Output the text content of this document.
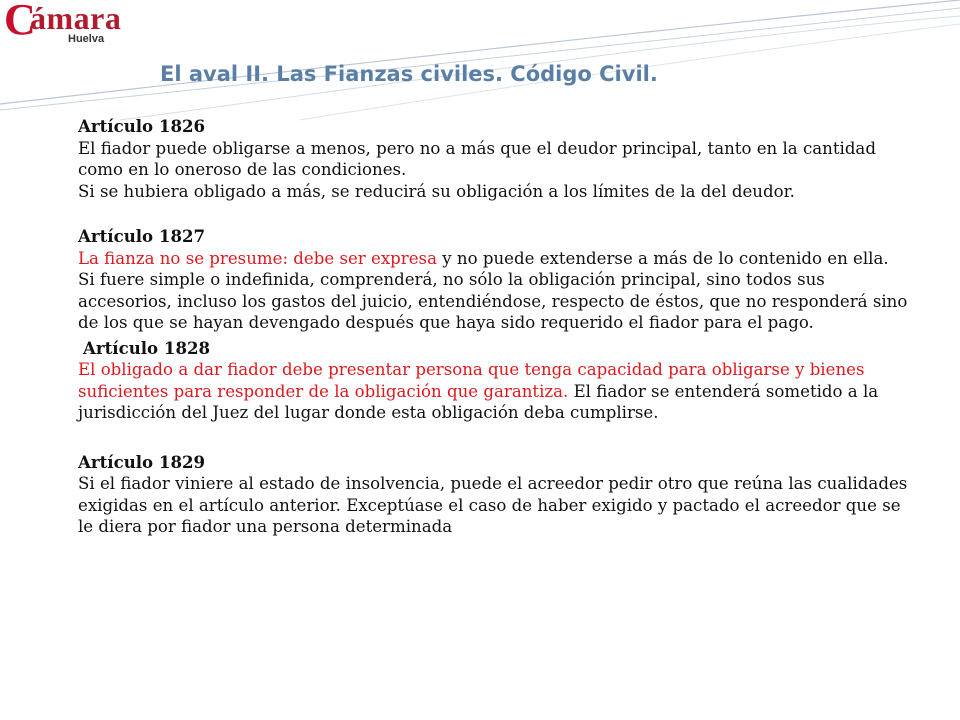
C
ámara
Huelva
El aval II. Las Fianzas civiles. Código Civil.

Artículo 1826

El fiador puede obligarse a menos, pero no a más que el deudor principal, tanto en la cantidad como en lo oneroso de las condiciones.

Si se hubiera obligado a más, se reducirá su obligación a los límites de la del deudor.

Artículo 1827

La fianza no se presume: debe ser expresa y no puede extenderse a más de lo contenido en ella.

Si fuere simple o indefinida, comprenderá, no sólo la obligación principal, sino todos sus accesorios, incluso los gastos del juicio, entendiéndose, respecto de éstos, que no responderá sino de los que se hayan devengado después que haya sido requerido el fiador para el pago.

Artículo 1828

El obligado a dar fiador debe presentar persona que tenga capacidad para obligarse y bienes suficientes para responder de la obligación que garantiza. El fiador se entenderá sometido a la jurisdicción del Juez del lugar donde esta obligación deba cumplirse.

Artículo 1829

Si el fiador viniere al estado de insolvencia, puede el acreedor pedir otro que reúna las cualidades exigidas en el artículo anterior. Exceptúase el caso de haber exigido y pactado el acreedor que se le diera por fiador una persona determinada
